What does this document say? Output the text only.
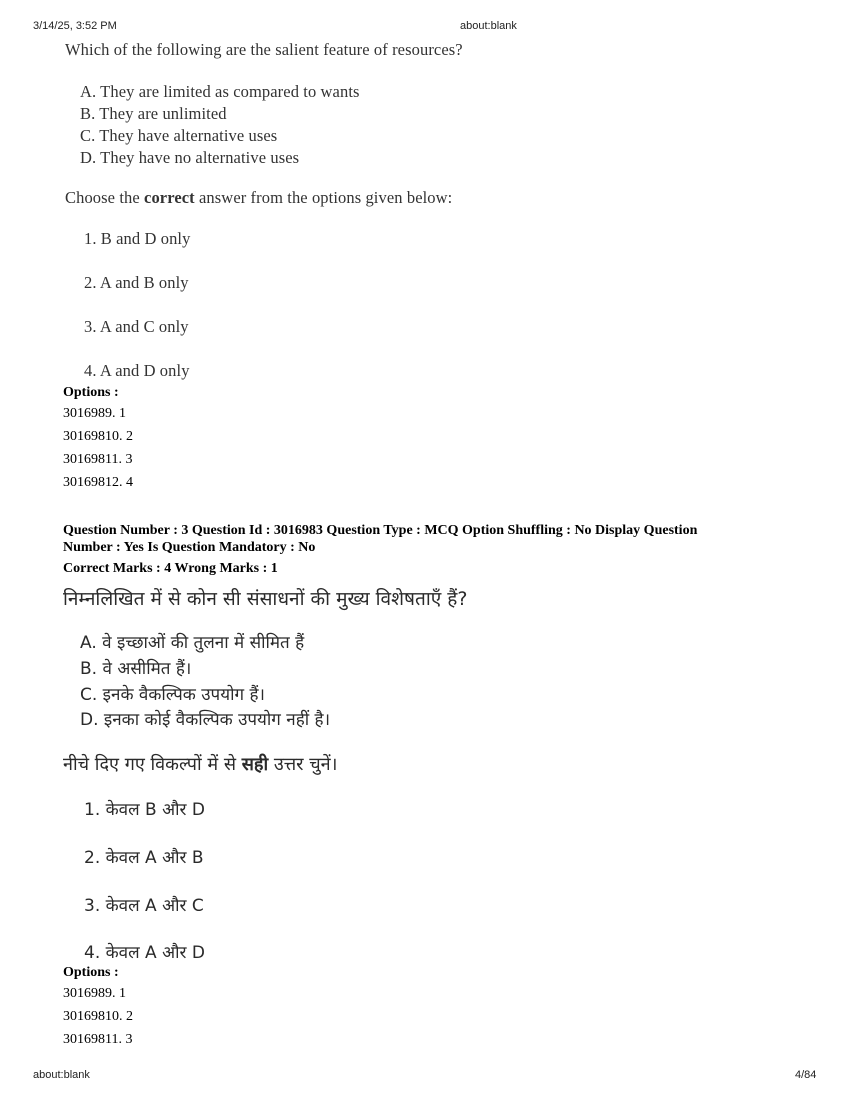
3/14/25, 3:52 PM	about:blank
Which of the following are the salient feature of resources?
A. They are limited as compared to wants
B. They are unlimited
C. They have alternative uses
D. They have no alternative uses
Choose the correct answer from the options given below:
1. B and D only
2. A and B only
3. A and C only
4. A and D only
Options :
3016989. 1
30169810. 2
30169811. 3
30169812. 4
Question Number : 3 Question Id : 3016983 Question Type : MCQ Option Shuffling : No Display Question
Number : Yes Is Question Mandatory : No
Correct Marks : 4 Wrong Marks : 1
निम्नलिखित में से कोन सी संसाधनों की मुख्य विशेषताएँ हैं?
A. वे इच्छाओं की तुलना में सीमित हैं
B. वे असीमित हैं।
C. इनके वैकल्पिक उपयोग हैं।
D. इनका कोई वैकल्पिक उपयोग नहीं है।
नीचे दिए गए विकल्पों में से सही उत्तर चुनें।
1. केवल B और D
2. केवल A और B
3. केवल A और C
4. केवल A और D
Options :
3016989. 1
30169810. 2
30169811. 3
about:blank	4/84
